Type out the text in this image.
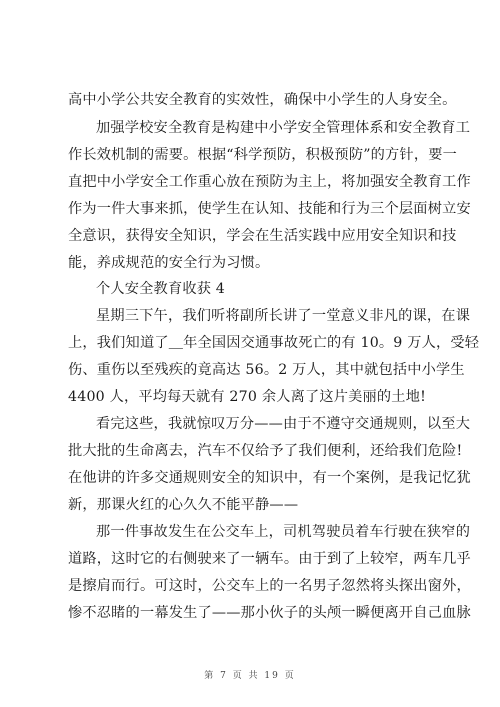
高中小学公共安全教育的实效性，确保中小学生的人身安全。
加强学校安全教育是构建中小学安全管理体系和安全教育工
作长效机制的需要。根据“科学预防，积极预防”的方针，要一
直把中小学安全工作重心放在预防为主上，将加强安全教育工作
作为一件大事来抓，使学生在认知、技能和行为三个层面树立安
全意识，获得安全知识，学会在生活实践中应用安全知识和技
能，养成规范的安全行为习惯。
个人安全教育收获 4
星期三下午，我们听将副所长讲了一堂意义非凡的课，在课
上，我们知道了＿年全国因交通事故死亡的有 10。9 万人，受轻
伤、重伤以至残疾的竟高达 56。2 万人，其中就包括中小学生
4400 人，平均每天就有 270 余人离了这片美丽的土地!
看完这些，我就惊叹万分——由于不遵守交通规则，以至大
批大批的生命离去，汽车不仅给予了我们便利，还给我们危险!
在他讲的许多交通规则安全的知识中，有一个案例，是我记忆犹
新，那课火红的心久久不能平静——
那一件事故发生在公交车上，司机驾驶员着车行驶在狭窄的
道路，这时它的右侧驶来了一辆车。由于到了上较窄，两车几乎
是擦肩而行。可这时，公交车上的一名男子忽然将头探出窗外，
惨不忍睹的一幕发生了——那小伙子的头颅一瞬便离开自己血脉
第 7 页 共 19 页
